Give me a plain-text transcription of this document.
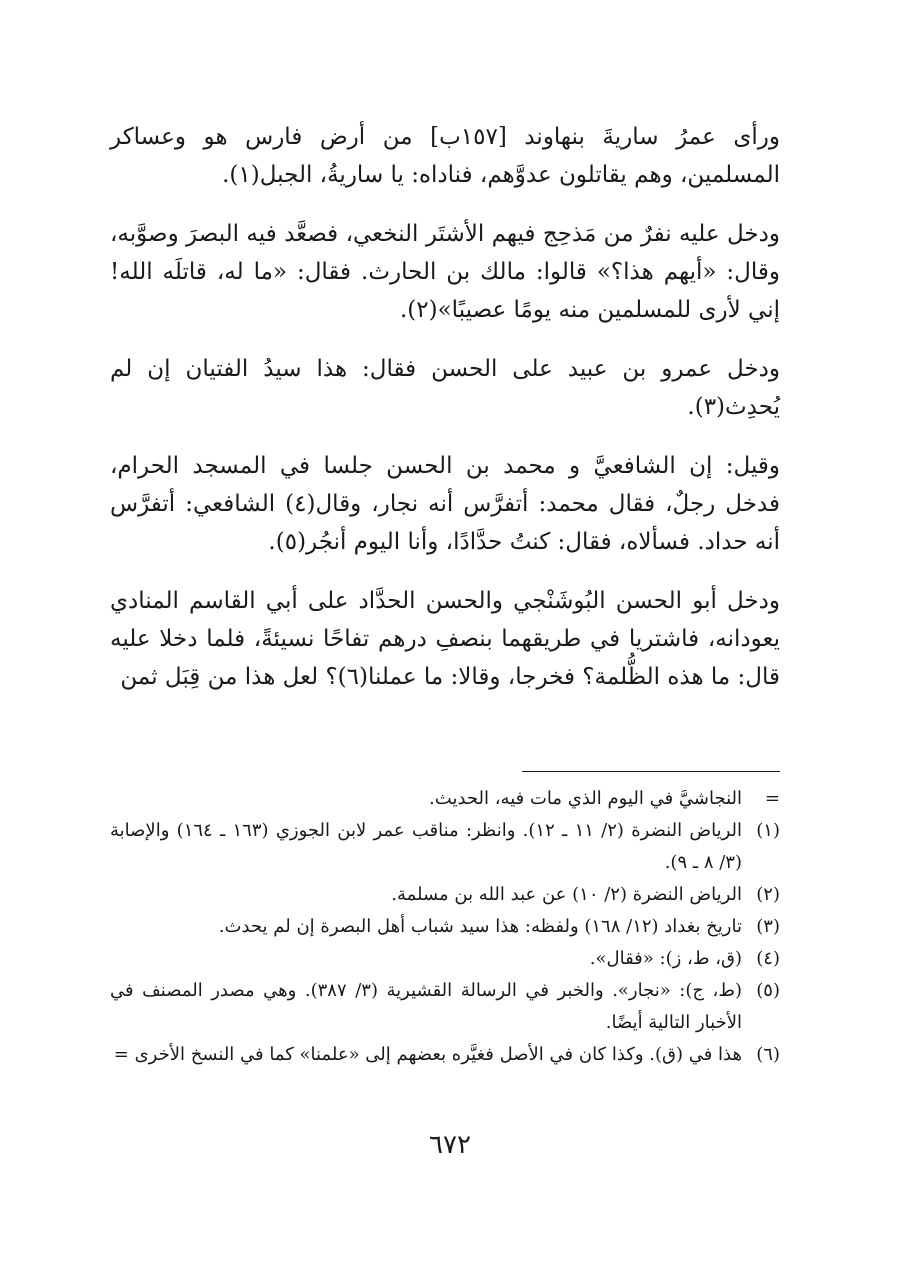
ورأى عمرُ ساريةَ بنهاوند [١٥٧ب] من أرض فارس هو وعساكر المسلمين، وهم يقاتلون عدوَّهم، فناداه: يا ساريةُ، الجبل(١).

ودخل عليه نفرٌ من مَذحِج فيهم الأشتَر النخعي، فصعَّد فيه البصرَ وصوَّبه، وقال: «أيهم هذا؟» قالوا: مالك بن الحارث. فقال: «ما له، قاتلَه الله! إني لأرى للمسلمين منه يومًا عصيبًا»(٢).

ودخل عمرو بن عبيد على الحسن فقال: هذا سيدُ الفتيان إن لم يُحدِث(٣).

وقيل: إن الشافعيَّ و محمد بن الحسن جلسا في المسجد الحرام، فدخل رجلٌ، فقال محمد: أتفرَّس أنه نجار، وقال(٤) الشافعي: أتفرَّس أنه حداد. فسألاه، فقال: كنتُ حدَّادًا، وأنا اليوم أنجُر(٥).

ودخل أبو الحسن البُوشَنْجي والحسن الحدَّاد على أبي القاسم المنادي يعودانه، فاشتريا في طريقهما بنصفِ درهم تفاحًا نسيئةً، فلما دخلا عليه قال: ما هذه الظُّلمة؟ فخرجا، وقالا: ما عملنا(٦)؟ لعل هذا من قِبَل ثمن

=
النجاشيَّ في اليوم الذي مات فيه، الحديث.
(١)
الرياض النضرة (٢/ ١١ ـ ١٢). وانظر: مناقب عمر لابن الجوزي (١٦٣ ـ ١٦٤) والإصابة (٣/ ٨ ـ ٩).
(٢)
الرياض النضرة (٢/ ١٠) عن عبد الله بن مسلمة.
(٣)
تاريخ بغداد (١٢/ ١٦٨) ولفظه: هذا سيد شباب أهل البصرة إن لم يحدث.
(٤)
(ق، ط، ز): «فقال».
(٥)
(ط، ج): «نجار». والخبر في الرسالة القشيرية (٣/ ٣٨٧). وهي مصدر المصنف في الأخبار التالية أيضًا.
(٦)
هذا في (ق). وكذا كان في الأصل فغيَّره بعضهم إلى «علمنا» كما في النسخ الأخرى =
٦٧٢
